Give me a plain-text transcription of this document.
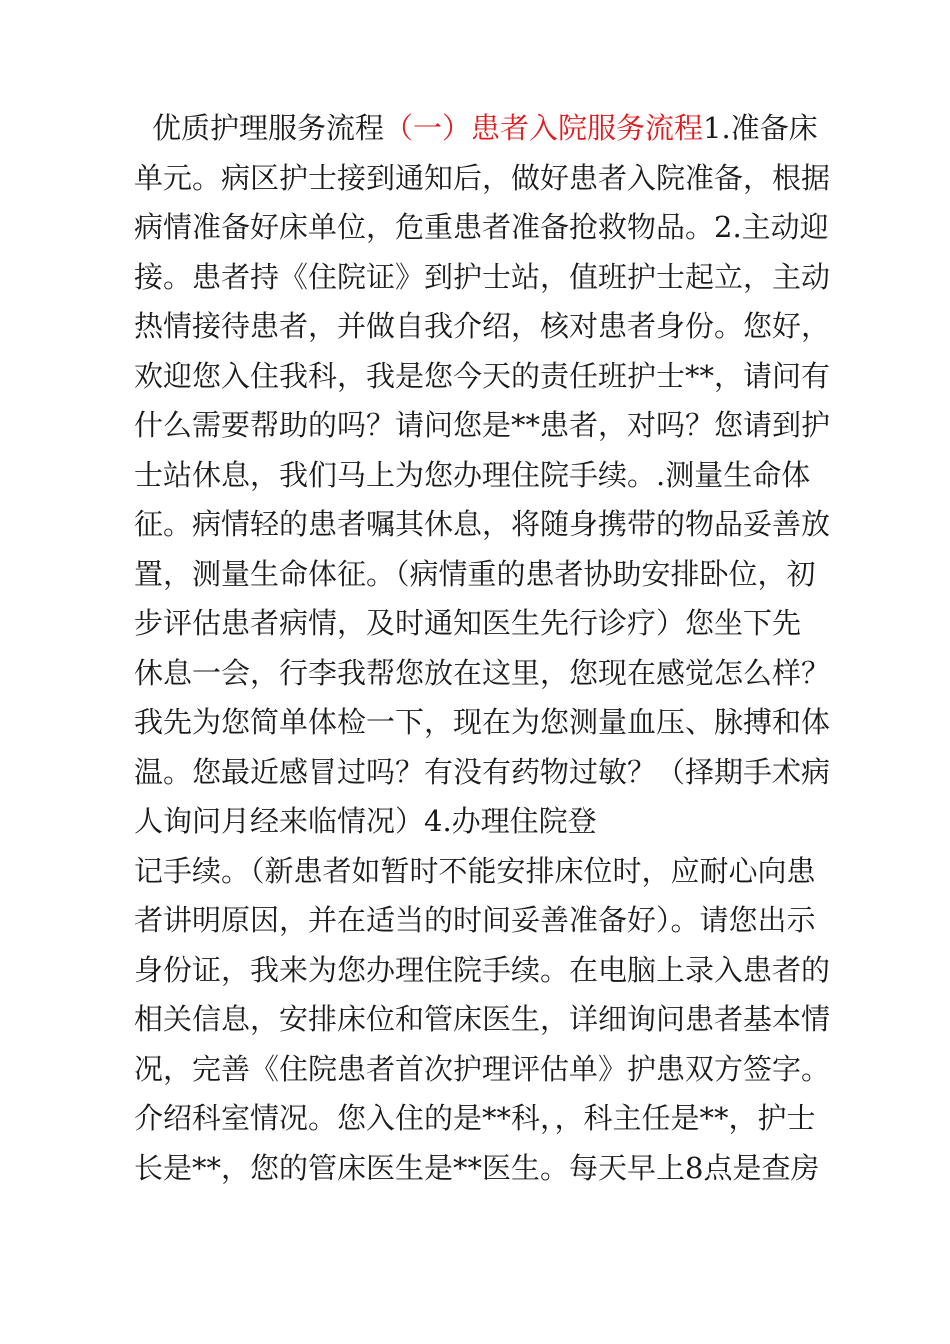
优质护理服务流程（一）患者入院服务流程1.准备床
单元。病区护士接到通知后，做好患者入院准备，根据
病情准备好床单位，危重患者准备抢救物品。2.主动迎
接。患者持《住院证》到护士站，值班护士起立，主动
热情接待患者，并做自我介绍，核对患者身份。您好，
欢迎您入住我科，我是您今天的责任班护士**，请问有
什么需要帮助的吗？请问您是**患者，对吗？您请到护
士站休息，我们马上为您办理住院手续。.测量生命体
征。病情轻的患者嘱其休息，将随身携带的物品妥善放
置，测量生命体征。（病情重的患者协助安排卧位，初
步评估患者病情，及时通知医生先行诊疗）您坐下先
休息一会，行李我帮您放在这里，您现在感觉怎么样？
我先为您简单体检一下，现在为您测量血压、脉搏和体
温。您最近感冒过吗？有没有药物过敏？（择期手术病
人询问月经来临情况）4.办理住院登
记手续。（新患者如暂时不能安排床位时，应耐心向患
者讲明原因，并在适当的时间妥善准备好）。请您出示
身份证，我来为您办理住院手续。在电脑上录入患者的
相关信息，安排床位和管床医生，详细询问患者基本情
况，完善《住院患者首次护理评估单》护患双方签字。
介绍科室情况。您入住的是**科，，科主任是**，护士
长是**，您的管床医生是**医生。每天早上8点是查房
